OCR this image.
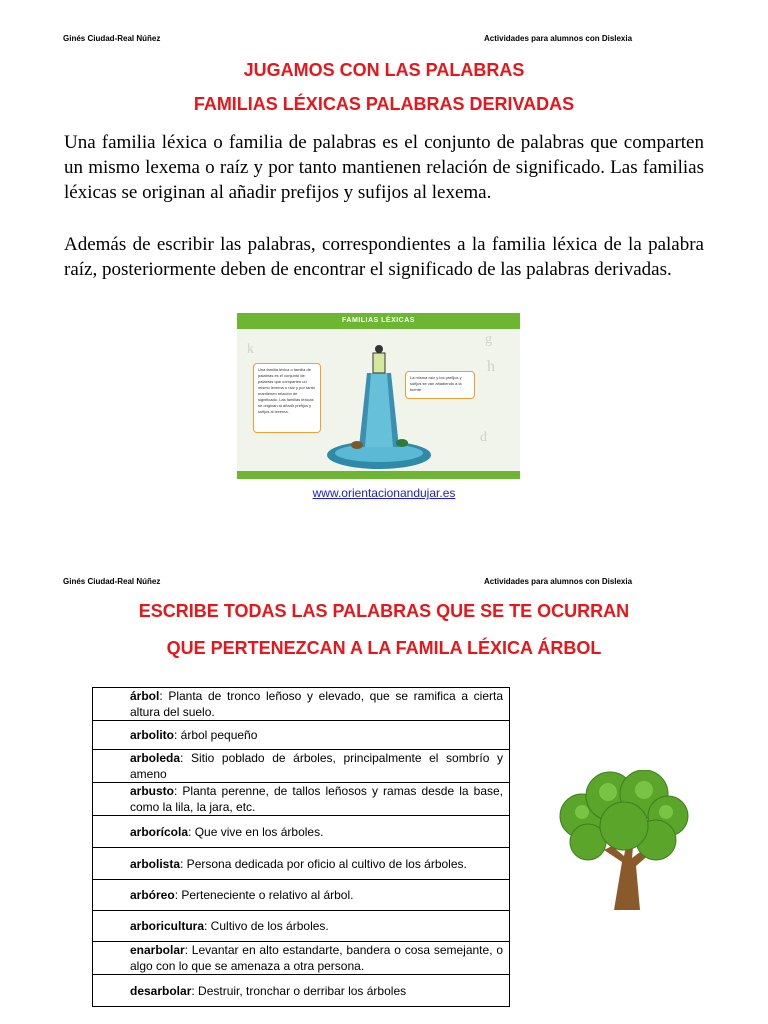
Ginés Ciudad-Real Núñez	Actividades para alumnos con Dislexia
JUGAMOS CON LAS PALABRAS
FAMILIAS LÉXICAS PALABRAS DERIVADAS
Una familia léxica o familia de palabras es el conjunto de palabras que comparten un mismo lexema o raíz y por tanto mantienen relación de significado. Las familias léxicas se originan al añadir prefijos y sufijos al lexema.
Además de escribir las palabras, correspondientes a la familia léxica de la palabra raíz, posteriormente deben de encontrar el significado de las palabras derivadas.
FAMILIAS LÉXICAS
k
g
h
d
Una familia léxica o familia de palabras es el conjunto de palabras que comparten un mismo lexema o raíz y por tanto mantienen relación de significado. Las familias léxicas se originan al añadir prefijos y sufijos al lexema.
La misma raíz y los prefijos y sufijos se van añadiendo a la fuente
www.orientacionandujar.es
Ginés Ciudad-Real Núñez	Actividades para alumnos con Dislexia
ESCRIBE TODAS LAS PALABRAS QUE SE TE OCURRAN
QUE PERTENEZCAN A LA FAMILA LÉXICA ÁRBOL
árbol: Planta de tronco leñoso y elevado, que se ramifica a cierta altura del suelo.
arbolito: árbol pequeño
arboleda: Sitio poblado de árboles, principalmente el sombrío y ameno
arbusto: Planta perenne, de tallos leñosos y ramas desde la base, como la lila, la jara, etc.
arborícola: Que vive en los árboles.
arbolista: Persona dedicada por oficio al cultivo de los árboles.
arbóreo: Perteneciente o relativo al árbol.
arboricultura: Cultivo de los árboles.
enarbolar: Levantar en alto estandarte, bandera o cosa semejante, o algo con lo que se amenaza a otra persona.
desarbolar: Destruir, tronchar o derribar los árboles
